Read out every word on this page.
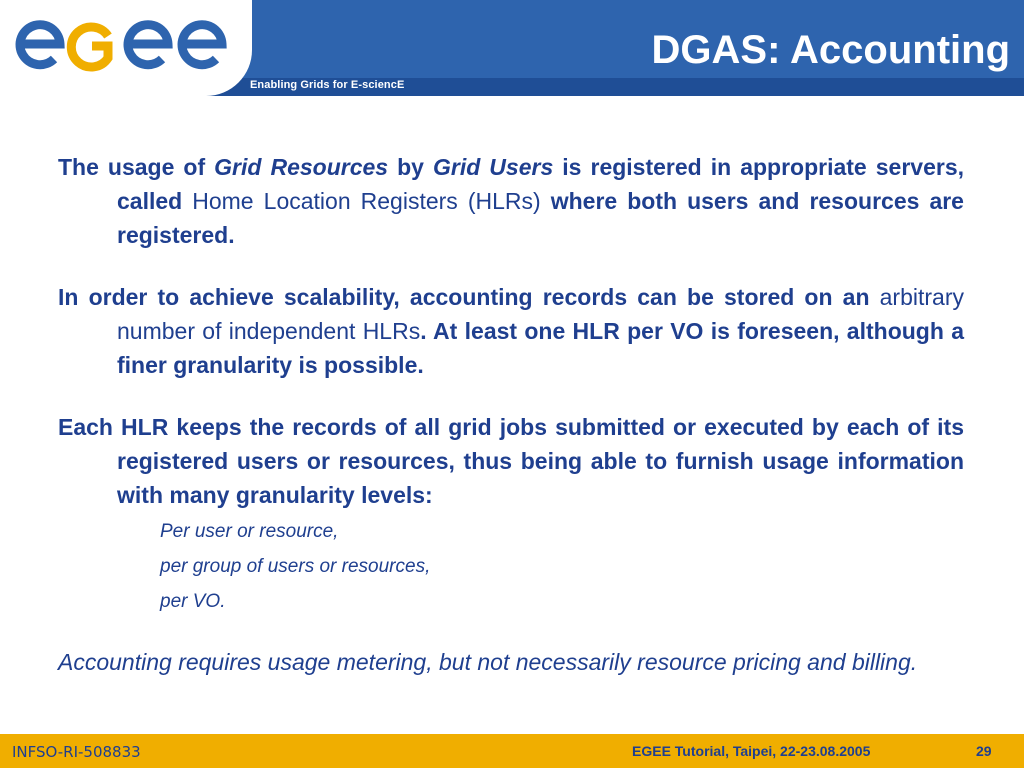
Enabling Grids for E-sciencE
DGAS: Accounting

The usage of Grid Resources by Grid Users is registered in appropriate servers, called Home Location Registers (HLRs) where both users and resources are registered.

In order to achieve scalability, accounting records can be stored on an arbitrary number of independent HLRs. At least one HLR per VO is foreseen, although a finer granularity is possible.

Each HLR keeps the records of all grid jobs submitted or executed by each of its registered users or resources, thus being able to furnish usage information with many granularity levels:

Per user or resource,
per group of users or resources,
per VO.

Accounting requires usage metering, but not necessarily resource pricing and billing.

INFSO-RI-508833	EGEE Tutorial, Taipei, 22-23.08.2005	29
